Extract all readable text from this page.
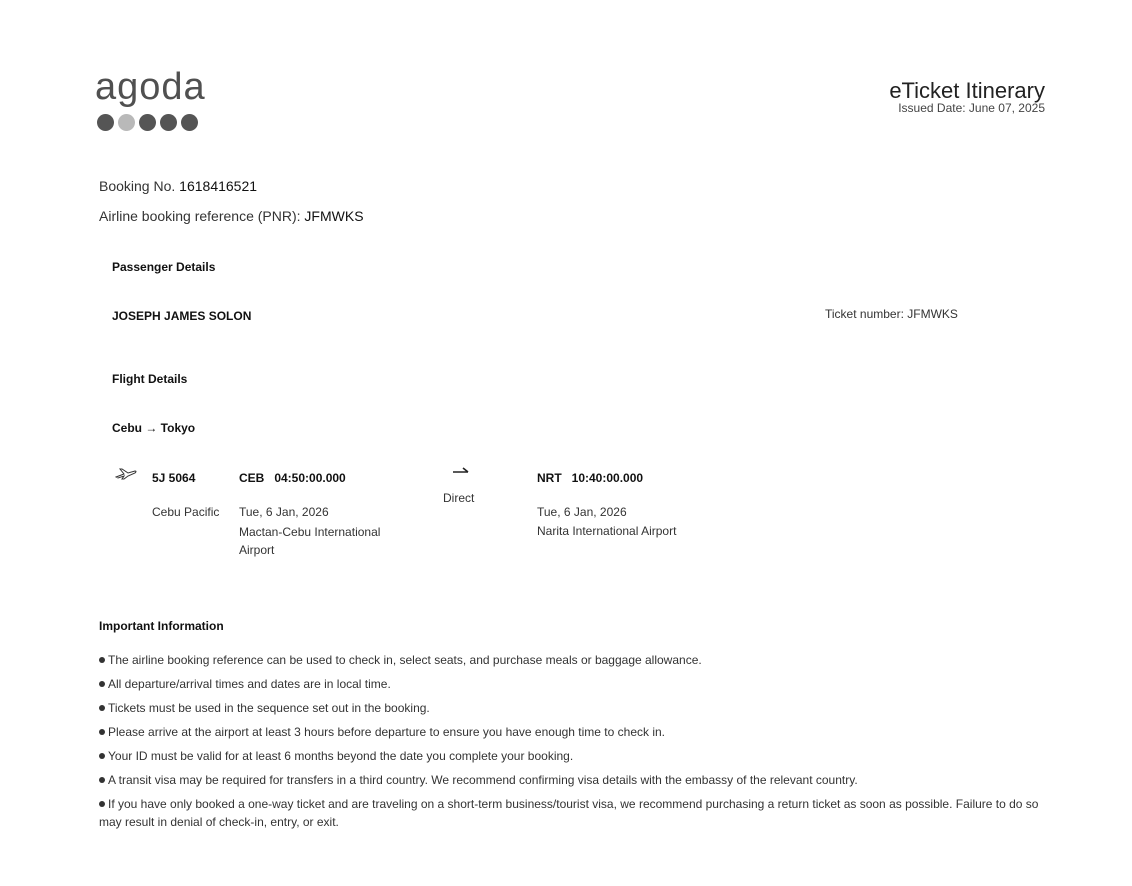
agoda	eTicket Itinerary
Issued Date: June 07, 2025
Booking No. 1618416521
Airline booking reference (PNR): JFMWKS
Passenger Details
JOSEPH JAMES SOLON	Ticket number: JFMWKS
Flight Details
Cebu → Tokyo
5J 5064
Cebu Pacific
CEB   04:50:00.000
Tue, 6 Jan, 2026
Mactan-Cebu International Airport
Direct
NRT   10:40:00.000
Tue, 6 Jan, 2026
Narita International Airport
Important Information
The airline booking reference can be used to check in, select seats, and purchase meals or baggage allowance.
All departure/arrival times and dates are in local time.
Tickets must be used in the sequence set out in the booking.
Please arrive at the airport at least 3 hours before departure to ensure you have enough time to check in.
Your ID must be valid for at least 6 months beyond the date you complete your booking.
A transit visa may be required for transfers in a third country. We recommend confirming visa details with the embassy of the relevant country.
If you have only booked a one-way ticket and are traveling on a short-term business/tourist visa, we recommend purchasing a return ticket as soon as possible. Failure to do so may result in denial of check-in, entry, or exit.
